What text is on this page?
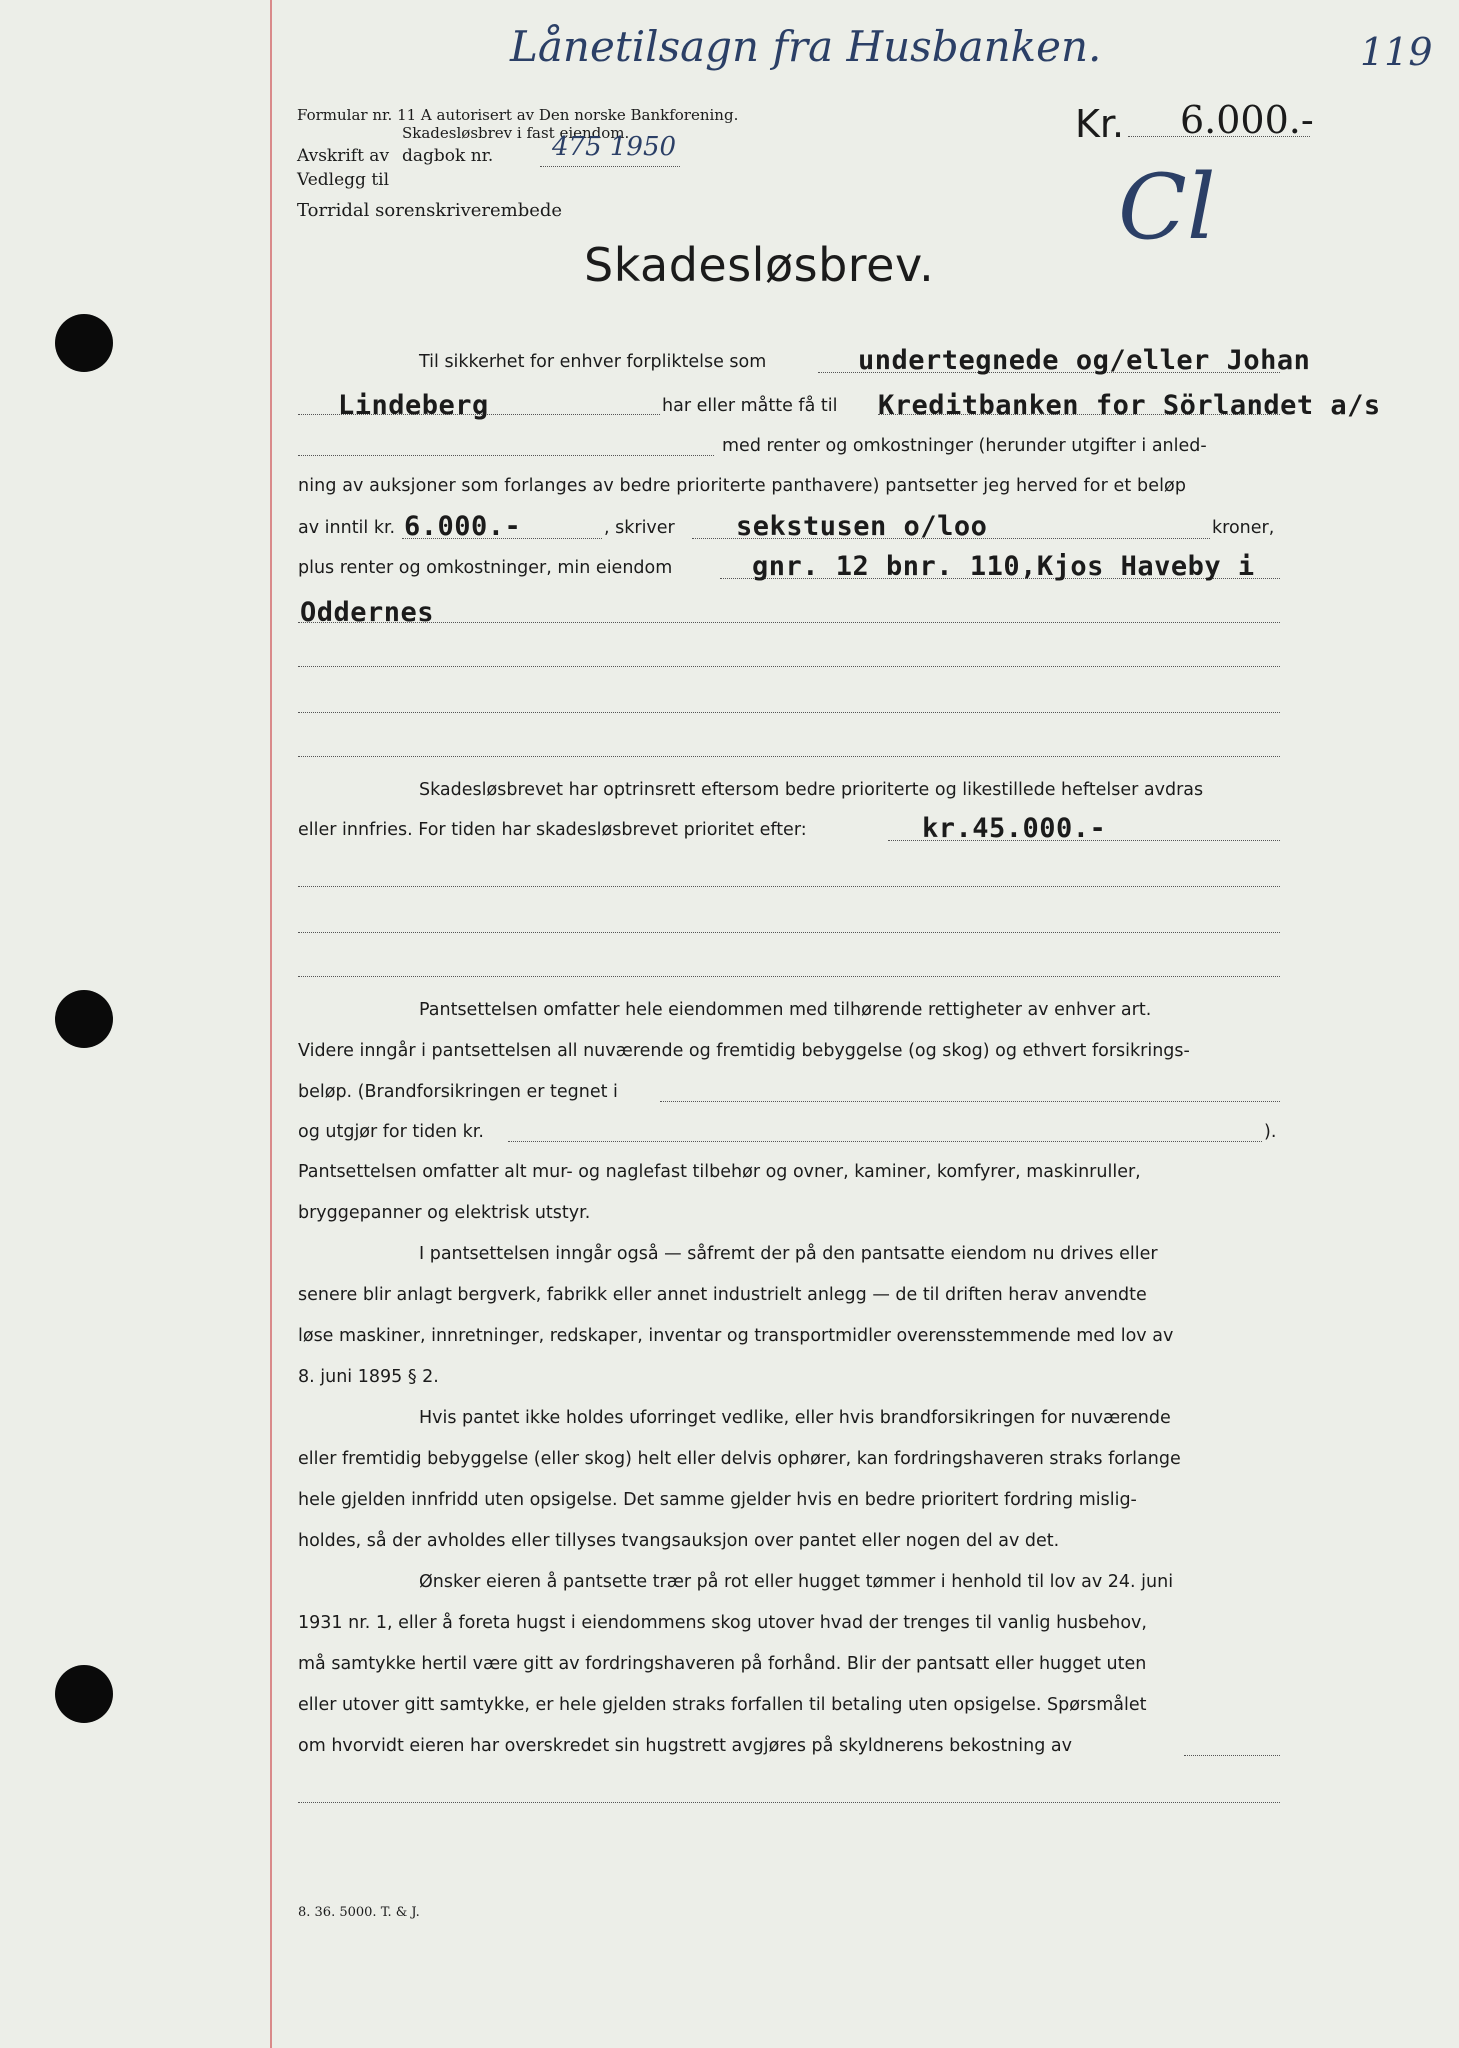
Lånetilsagn fra Husbanken.	119
Formular nr. 11 A autorisert av Den norske Bankforening.
Skadesløsbrev i fast eiendom.
Avskrift av dagbok nr. 475 1950
Vedlegg til
Torridal sorenskriverembede
Kr. 6.000.-
Cl
Skadesløsbrev.
Til sikkerhet for enhver forpliktelse som	undertegnede og/eller Johan
Lindeberg	har eller måtte få til Kreditbanken for Sörlandet a/s
med renter og omkostninger (herunder utgifter i anled-
ning av auksjoner som forlanges av bedre prioriterte panthavere) pantsetter jeg herved for et beløp
av inntil kr. 6.000.-	, skriver sekstusen o/loo	kroner,
plus renter og omkostninger, min eiendom	gnr. 12 bnr. 110,Kjos Haveby i
Oddernes
Skadesløsbrevet har optrinsrett eftersom bedre prioriterte og likestillede heftelser avdras
eller innfries. For tiden har skadesløsbrevet prioritet efter:	kr.45.000.-
Pantsettelsen omfatter hele eiendommen med tilhørende rettigheter av enhver art.
Videre inngår i pantsettelsen all nuværende og fremtidig bebyggelse (og skog) og ethvert forsikrings-
beløp. (Brandforsikringen er tegnet i
og utgjør for tiden kr.	).
Pantsettelsen omfatter alt mur- og naglefast tilbehør og ovner, kaminer, komfyrer, maskinruller,
bryggepanner og elektrisk utstyr.
I pantsettelsen inngår også — såfremt der på den pantsatte eiendom nu drives eller
senere blir anlagt bergverk, fabrikk eller annet industrielt anlegg — de til driften herav anvendte
løse maskiner, innretninger, redskaper, inventar og transportmidler overensstemmende med lov av
8. juni 1895 § 2.
Hvis pantet ikke holdes uforringet vedlike, eller hvis brandforsikringen for nuværende
eller fremtidig bebyggelse (eller skog) helt eller delvis ophører, kan fordringshaveren straks forlange
hele gjelden innfridd uten opsigelse. Det samme gjelder hvis en bedre prioritert fordring mislig-
holdes, så der avholdes eller tillyses tvangsauksjon over pantet eller nogen del av det.
Ønsker eieren å pantsette trær på rot eller hugget tømmer i henhold til lov av 24. juni
1931 nr. 1, eller å foreta hugst i eiendommens skog utover hvad der trenges til vanlig husbehov,
må samtykke hertil være gitt av fordringshaveren på forhånd. Blir der pantsatt eller hugget uten
eller utover gitt samtykke, er hele gjelden straks forfallen til betaling uten opsigelse. Spørsmålet
om hvorvidt eieren har overskredet sin hugstrett avgjøres på skyldnerens bekostning av
8. 36. 5000. T. & J.
